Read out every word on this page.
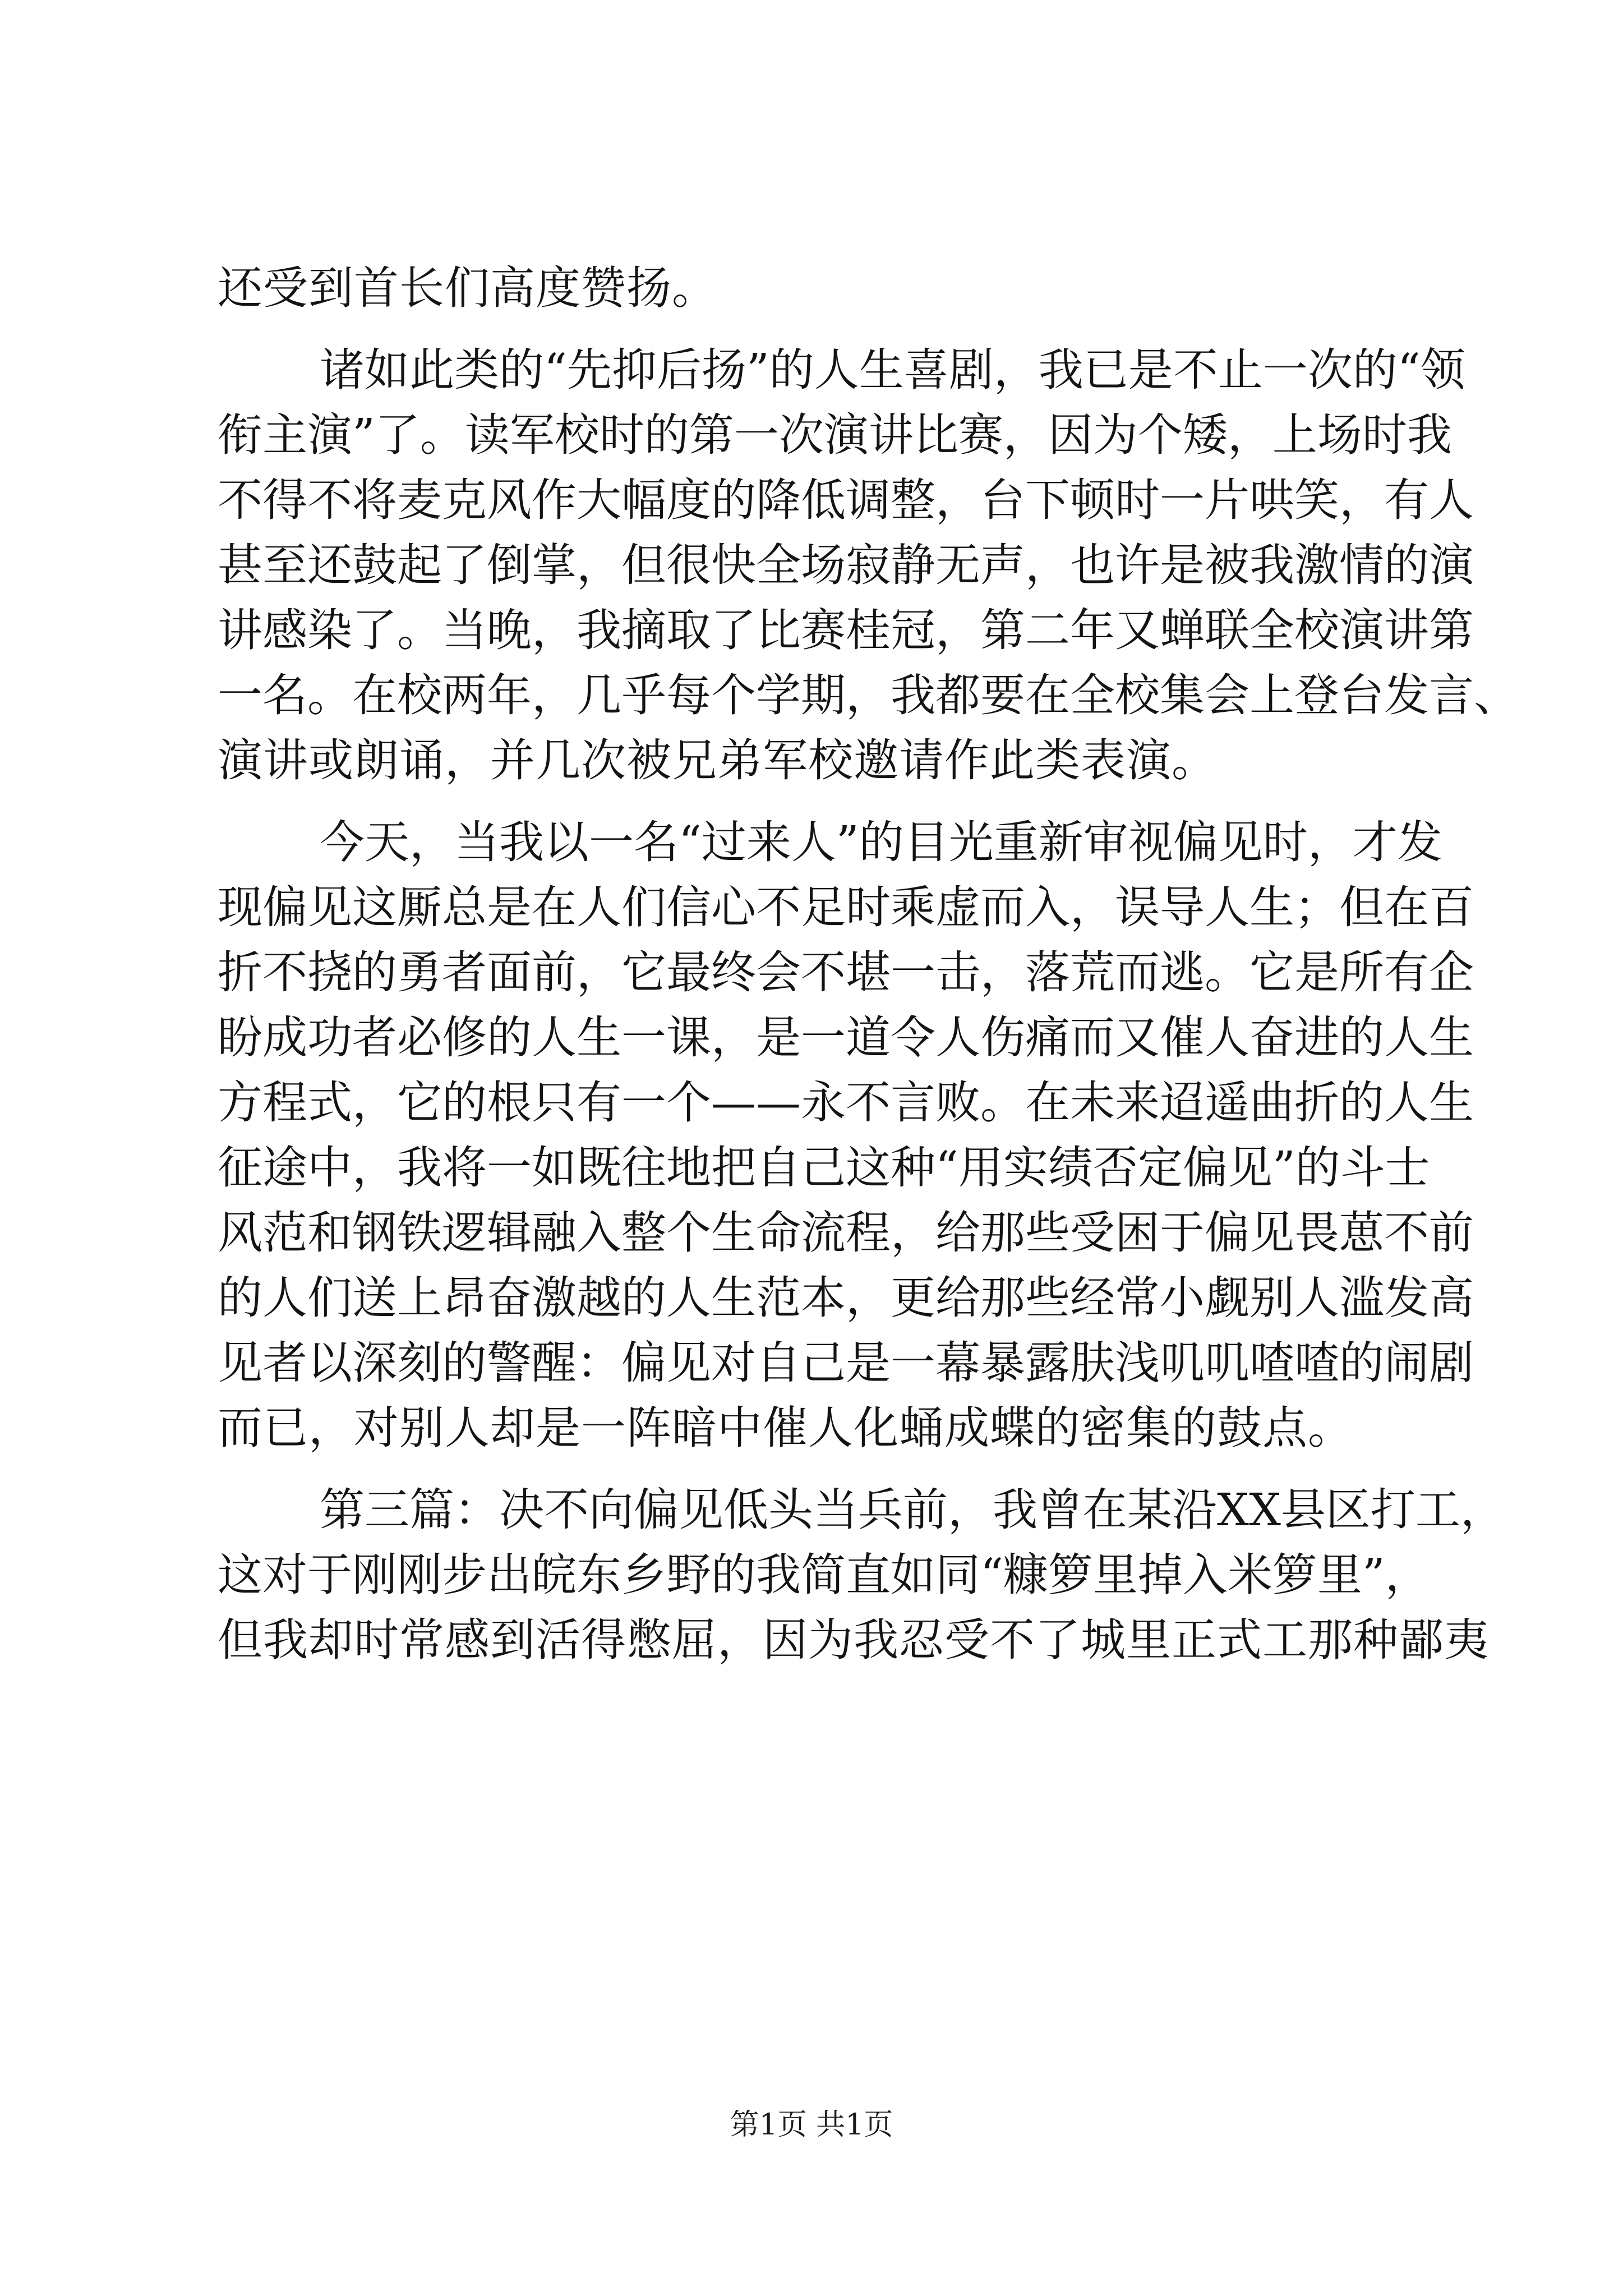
还受到首长们高度赞扬。
诸如此类的“先抑后扬”的人生喜剧，我已是不止一次的“领
衔主演”了。读军校时的第一次演讲比赛，因为个矮，上场时我
不得不将麦克风作大幅度的降低调整，台下顿时一片哄笑，有人
甚至还鼓起了倒掌，但很快全场寂静无声，也许是被我激情的演
讲感染了。当晚，我摘取了比赛桂冠，第二年又蝉联全校演讲第
一名。在校两年，几乎每个学期，我都要在全校集会上登台发言、
演讲或朗诵，并几次被兄弟军校邀请作此类表演。
今天，当我以一名“过来人”的目光重新审视偏见时，才发
现偏见这厮总是在人们信心不足时乘虚而入，误导人生；但在百
折不挠的勇者面前，它最终会不堪一击，落荒而逃。它是所有企
盼成功者必修的人生一课，是一道令人伤痛而又催人奋进的人生
方程式，它的根只有一个——永不言败。在未来迢遥曲折的人生
征途中，我将一如既往地把自己这种“用实绩否定偏见”的斗士
风范和钢铁逻辑融入整个生命流程，给那些受困于偏见畏葸不前
的人们送上昂奋激越的人生范本，更给那些经常小觑别人滥发高
见者以深刻的警醒：偏见对自己是一幕暴露肤浅叽叽喳喳的闹剧
而已，对别人却是一阵暗中催人化蛹成蝶的密集的鼓点。
第三篇：决不向偏见低头当兵前，我曾在某沿XX县区打工，
这对于刚刚步出皖东乡野的我简直如同“糠箩里掉入米箩里”，
但我却时常感到活得憋屈，因为我忍受不了城里正式工那种鄙夷
第1页 共1页
